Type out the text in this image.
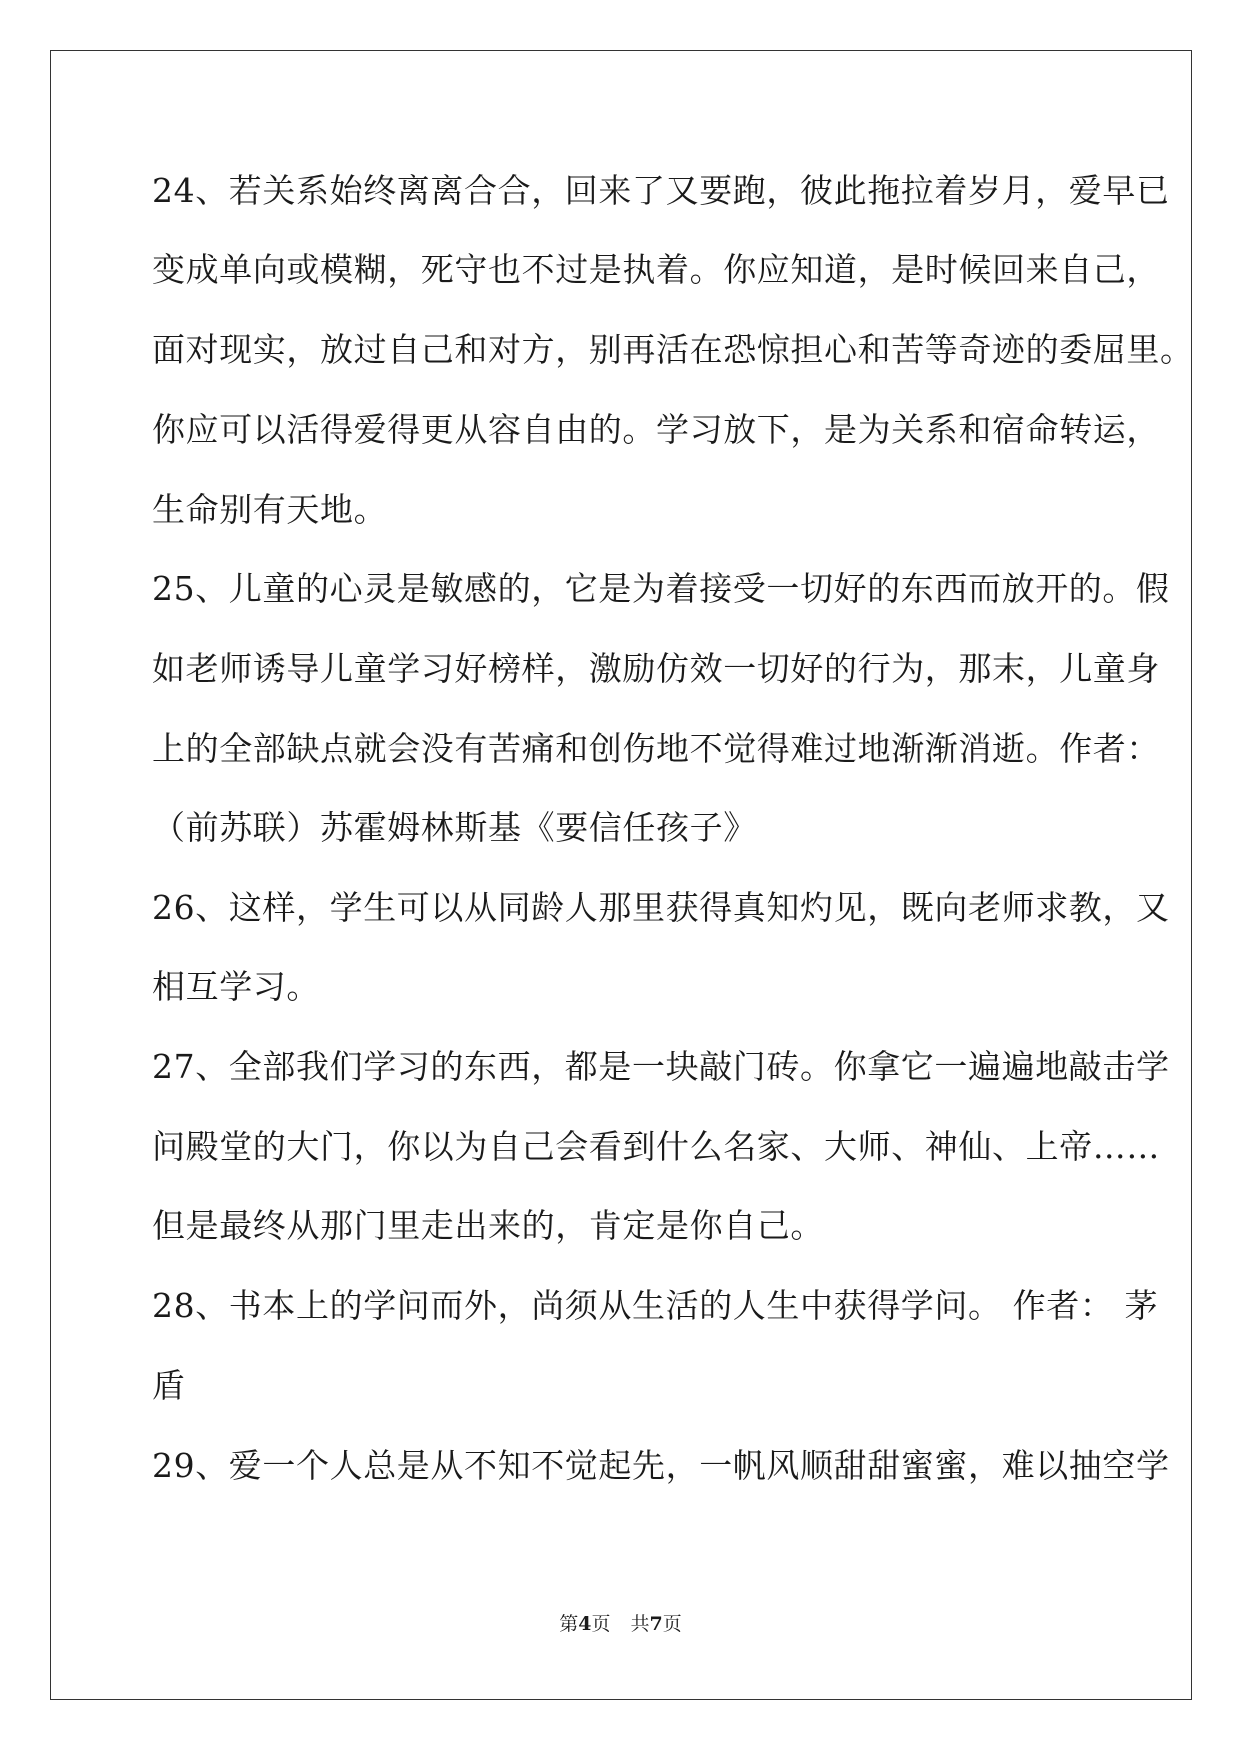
24、若关系始终离离合合，回来了又要跑，彼此拖拉着岁月，爱早已
变成单向或模糊，死守也不过是执着。你应知道，是时候回来自己，
面对现实，放过自己和对方，别再活在恐惊担心和苦等奇迹的委屈里。
你应可以活得爱得更从容自由的。学习放下，是为关系和宿命转运，
生命别有天地。
25、儿童的心灵是敏感的，它是为着接受一切好的东西而放开的。假
如老师诱导儿童学习好榜样，激励仿效一切好的行为，那末，儿童身
上的全部缺点就会没有苦痛和创伤地不觉得难过地渐渐消逝。作者：
（前苏联）苏霍姆林斯基《要信任孩子》
26、这样，学生可以从同龄人那里获得真知灼见，既向老师求教，又
相互学习。
27、全部我们学习的东西，都是一块敲门砖。你拿它一遍遍地敲击学
问殿堂的大门，你以为自己会看到什么名家、大师、神仙、上帝……
但是最终从那门里走出来的，肯定是你自己。
28、书本上的学问而外，尚须从生活的人生中获得学问。 作者： 茅
盾
29、爱一个人总是从不知不觉起先，一帆风顺甜甜蜜蜜，难以抽空学
第4页 共7页
